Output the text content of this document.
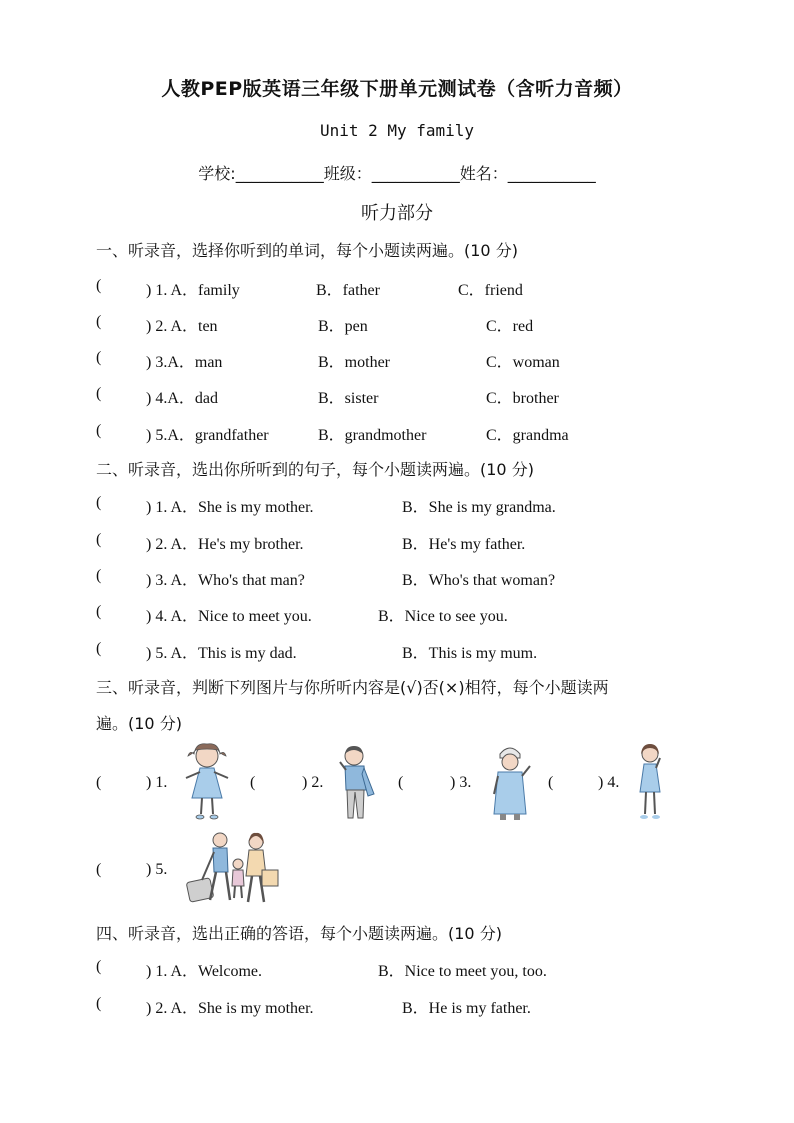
人教PEP版英语三年级下册单元测试卷（含听力音频）
Unit 2 My family
学校:___________班级：___________姓名：___________
听力部分
一、听录音，选择你听到的单词，每个小题读两遍。(10 分)
(	) 1. A．family	B．father	C．friend
(	) 2. A．ten	B．pen	C．red
(	) 3.A．man	B．mother	C．woman
(	) 4.A．dad	B．sister	C．brother
(	) 5.A．grandfather	B．grandmother	C．grandma
二、听录音，选出你所听到的句子，每个小题读两遍。(10 分)
(	) 1. A．She is my mother.	B．She is my grandma.
(	) 2. A．He's my brother.	B．He's my father.
(	) 3. A．Who's that man?	B．Who's that woman?
(	) 4. A．Nice to meet you.	B．Nice to see you.
(	) 5. A．This is my dad.	B．This is my mum.
三、听录音，判断下列图片与你所听内容是(√)否(×)相符，每个小题读两
遍。(10 分)
(	) 1.	(	) 2.	(	) 3.	(	) 4.
(	) 5.
四、听录音，选出正确的答语，每个小题读两遍。(10 分)
(	) 1. A．Welcome.	B．Nice to meet you, too.
(	) 2. A．She is my mother.	B．He is my father.
